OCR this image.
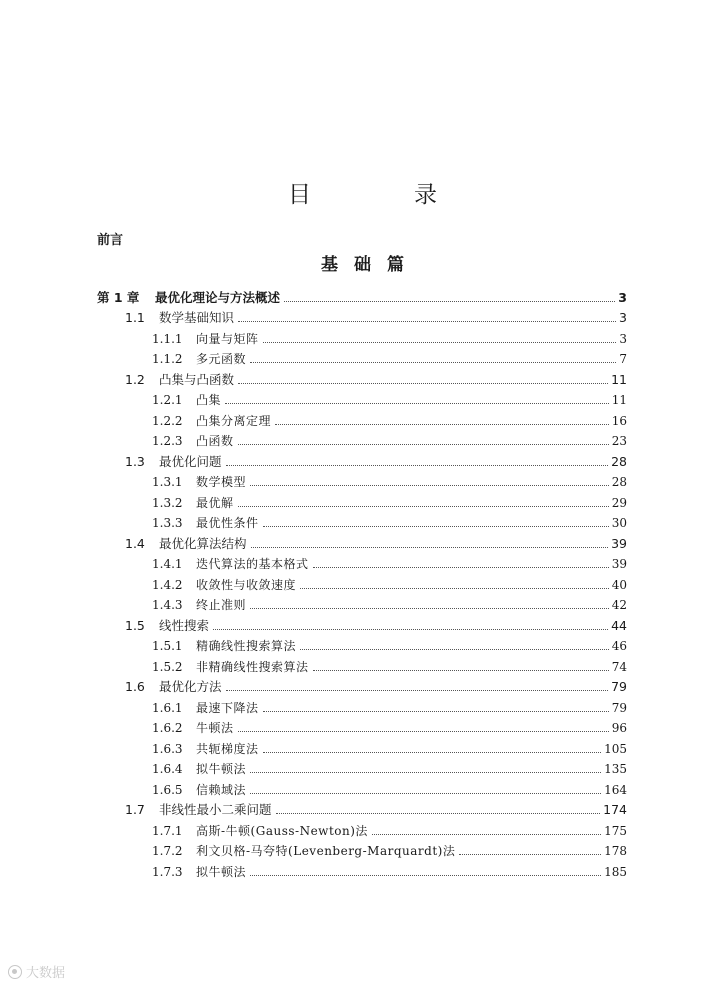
目　录
前言
基础篇
第 1 章	最优化理论与方法概述	3
1.1	数学基础知识	3
1.1.1	向量与矩阵	3
1.1.2	多元函数	7
1.2	凸集与凸函数	11
1.2.1	凸集	11
1.2.2	凸集分离定理	16
1.2.3	凸函数	23
1.3	最优化问题	28
1.3.1	数学模型	28
1.3.2	最优解	29
1.3.3	最优性条件	30
1.4	最优化算法结构	39
1.4.1	迭代算法的基本格式	39
1.4.2	收敛性与收敛速度	40
1.4.3	终止准则	42
1.5	线性搜索	44
1.5.1	精确线性搜索算法	46
1.5.2	非精确线性搜索算法	74
1.6	最优化方法	79
1.6.1	最速下降法	79
1.6.2	牛顿法	96
1.6.3	共轭梯度法	105
1.6.4	拟牛顿法	135
1.6.5	信赖域法	164
1.7	非线性最小二乘问题	174
1.7.1	高斯-牛顿(Gauss-Newton)法	175
1.7.2	利文贝格-马夸特(Levenberg-Marquardt)法	178
1.7.3	拟牛顿法	185
大数据
